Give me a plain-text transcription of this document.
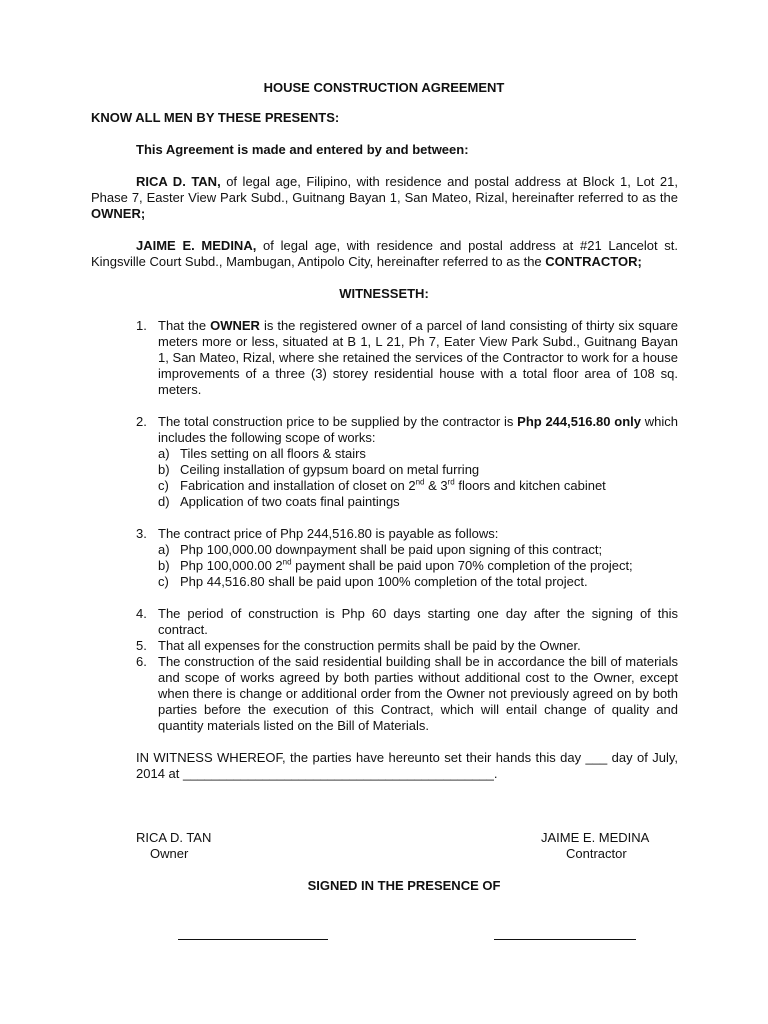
HOUSE CONSTRUCTION AGREEMENT
KNOW ALL MEN BY THESE PRESENTS:
This Agreement is made and entered by and between:
RICA D. TAN, of legal age, Filipino, with residence and postal address at Block 1, Lot 21, Phase 7, Easter View Park Subd., Guitnang Bayan 1, San Mateo, Rizal, hereinafter referred to as the OWNER;
JAIME E. MEDINA, of legal age, with residence and postal address at #21 Lancelot st. Kingsville Court Subd., Mambugan, Antipolo City, hereinafter referred to as the CONTRACTOR;
WITNESSETH:
1. That the OWNER is the registered owner of a parcel of land consisting of thirty six square meters more or less, situated at B 1, L 21, Ph 7, Eater View Park Subd., Guitnang Bayan 1, San Mateo, Rizal, where she retained the services of the Contractor to work for a house improvements of a three (3) storey residential house with a total floor area of 108 sq. meters.
2. The total construction price to be supplied by the contractor is Php 244,516.80 only which includes the following scope of works:
a) Tiles setting on all floors & stairs
b) Ceiling installation of gypsum board on metal furring
c) Fabrication and installation of closet on 2nd & 3rd floors and kitchen cabinet
d) Application of two coats final paintings
3. The contract price of Php 244,516.80 is payable as follows:
a) Php 100,000.00 downpayment shall be paid upon signing of this contract;
b) Php 100,000.00 2nd payment shall be paid upon 70% completion of the project;
c) Php 44,516.80 shall be paid upon 100% completion of the total project.
4. The period of construction is Php 60 days starting one day after the signing of this contract.
5. That all expenses for the construction permits shall be paid by the Owner.
6. The construction of the said residential building shall be in accordance the bill of materials and scope of works agreed by both parties without additional cost to the Owner, except when there is change or additional order from the Owner not previously agreed on by both parties before the execution of this Contract, which will entail change of quality and quantity materials listed on the Bill of Materials.
IN WITNESS WHEREOF, the parties have hereunto set their hands this day ___ day of July, 2014 at ___________________________________________.
RICA D. TAN
Owner
JAIME E. MEDINA
Contractor
SIGNED IN THE PRESENCE OF
